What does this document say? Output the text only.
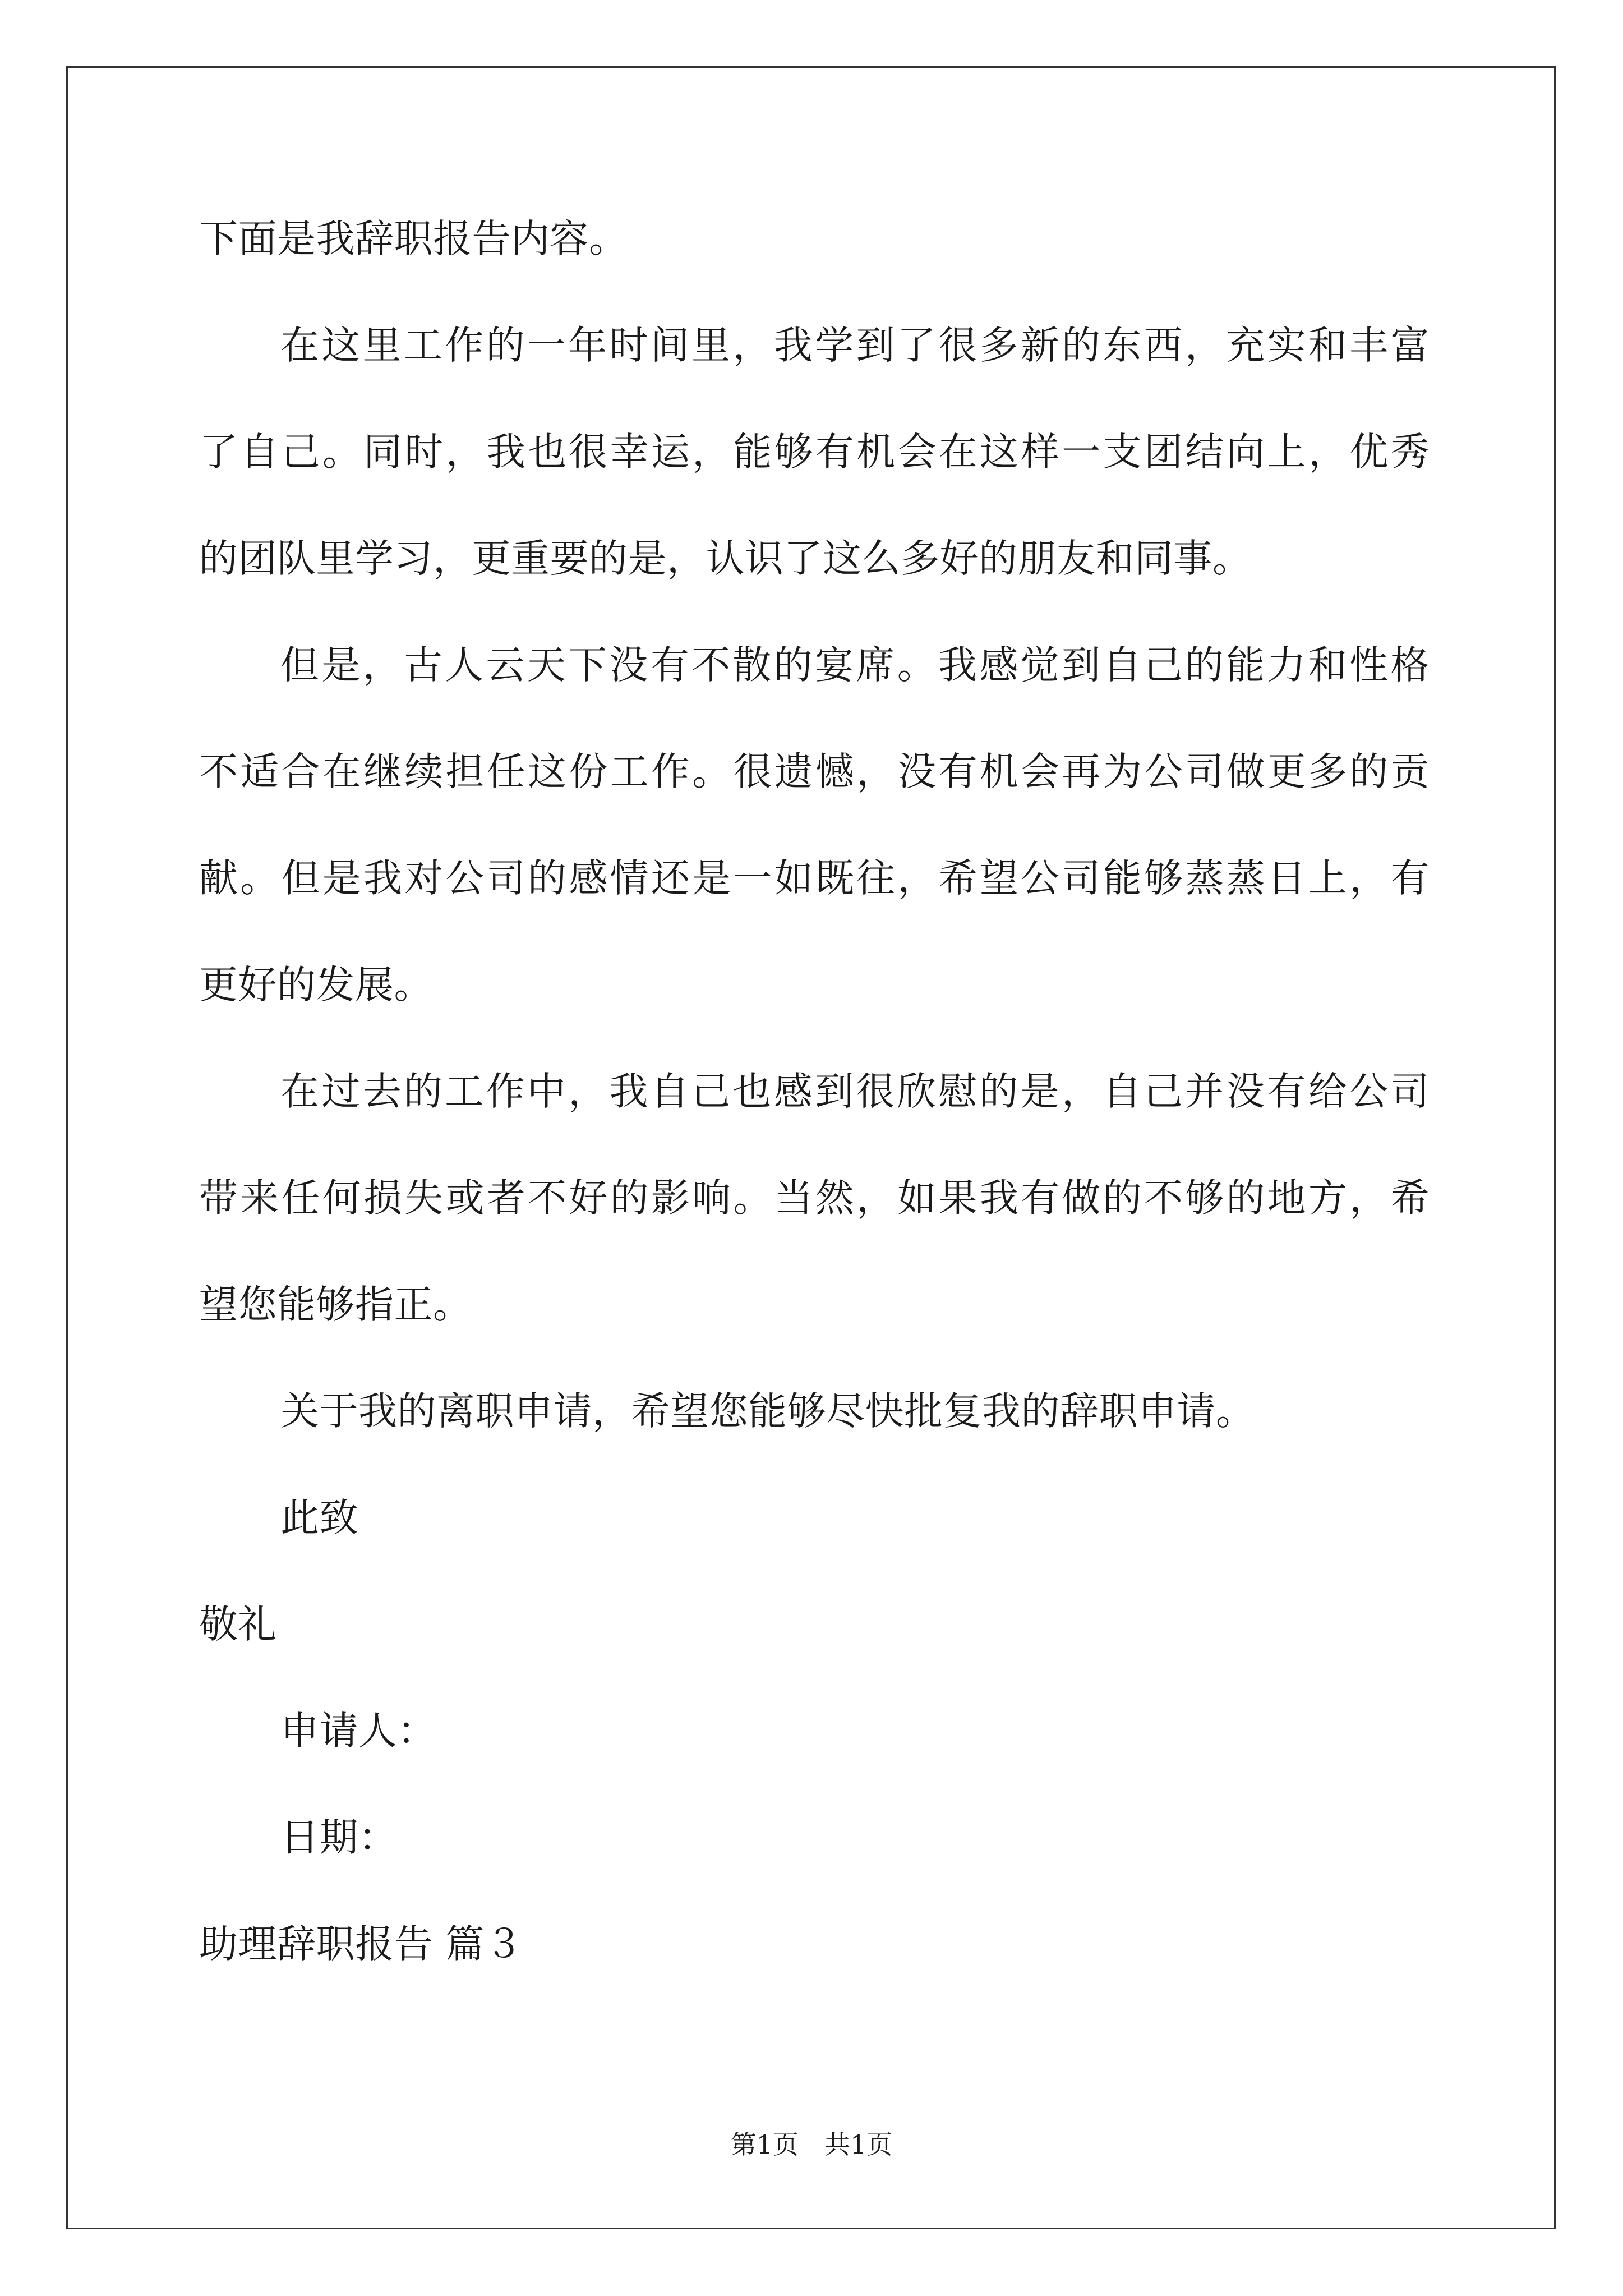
下面是我辞职报告内容。
在这里工作的一年时间里，我学到了很多新的东西，充实和丰富
了自己。同时，我也很幸运，能够有机会在这样一支团结向上，优秀
的团队里学习，更重要的是，认识了这么多好的朋友和同事。
但是，古人云天下没有不散的宴席。我感觉到自己的能力和性格
不适合在继续担任这份工作。很遗憾，没有机会再为公司做更多的贡
献。但是我对公司的感情还是一如既往，希望公司能够蒸蒸日上，有
更好的发展。
在过去的工作中，我自己也感到很欣慰的是，自己并没有给公司
带来任何损失或者不好的影响。当然，如果我有做的不够的地方，希
望您能够指正。
关于我的离职申请，希望您能够尽快批复我的辞职申请。
此致
敬礼
申请人：
日期：
助理辞职报告 篇３
第1页　共1页
